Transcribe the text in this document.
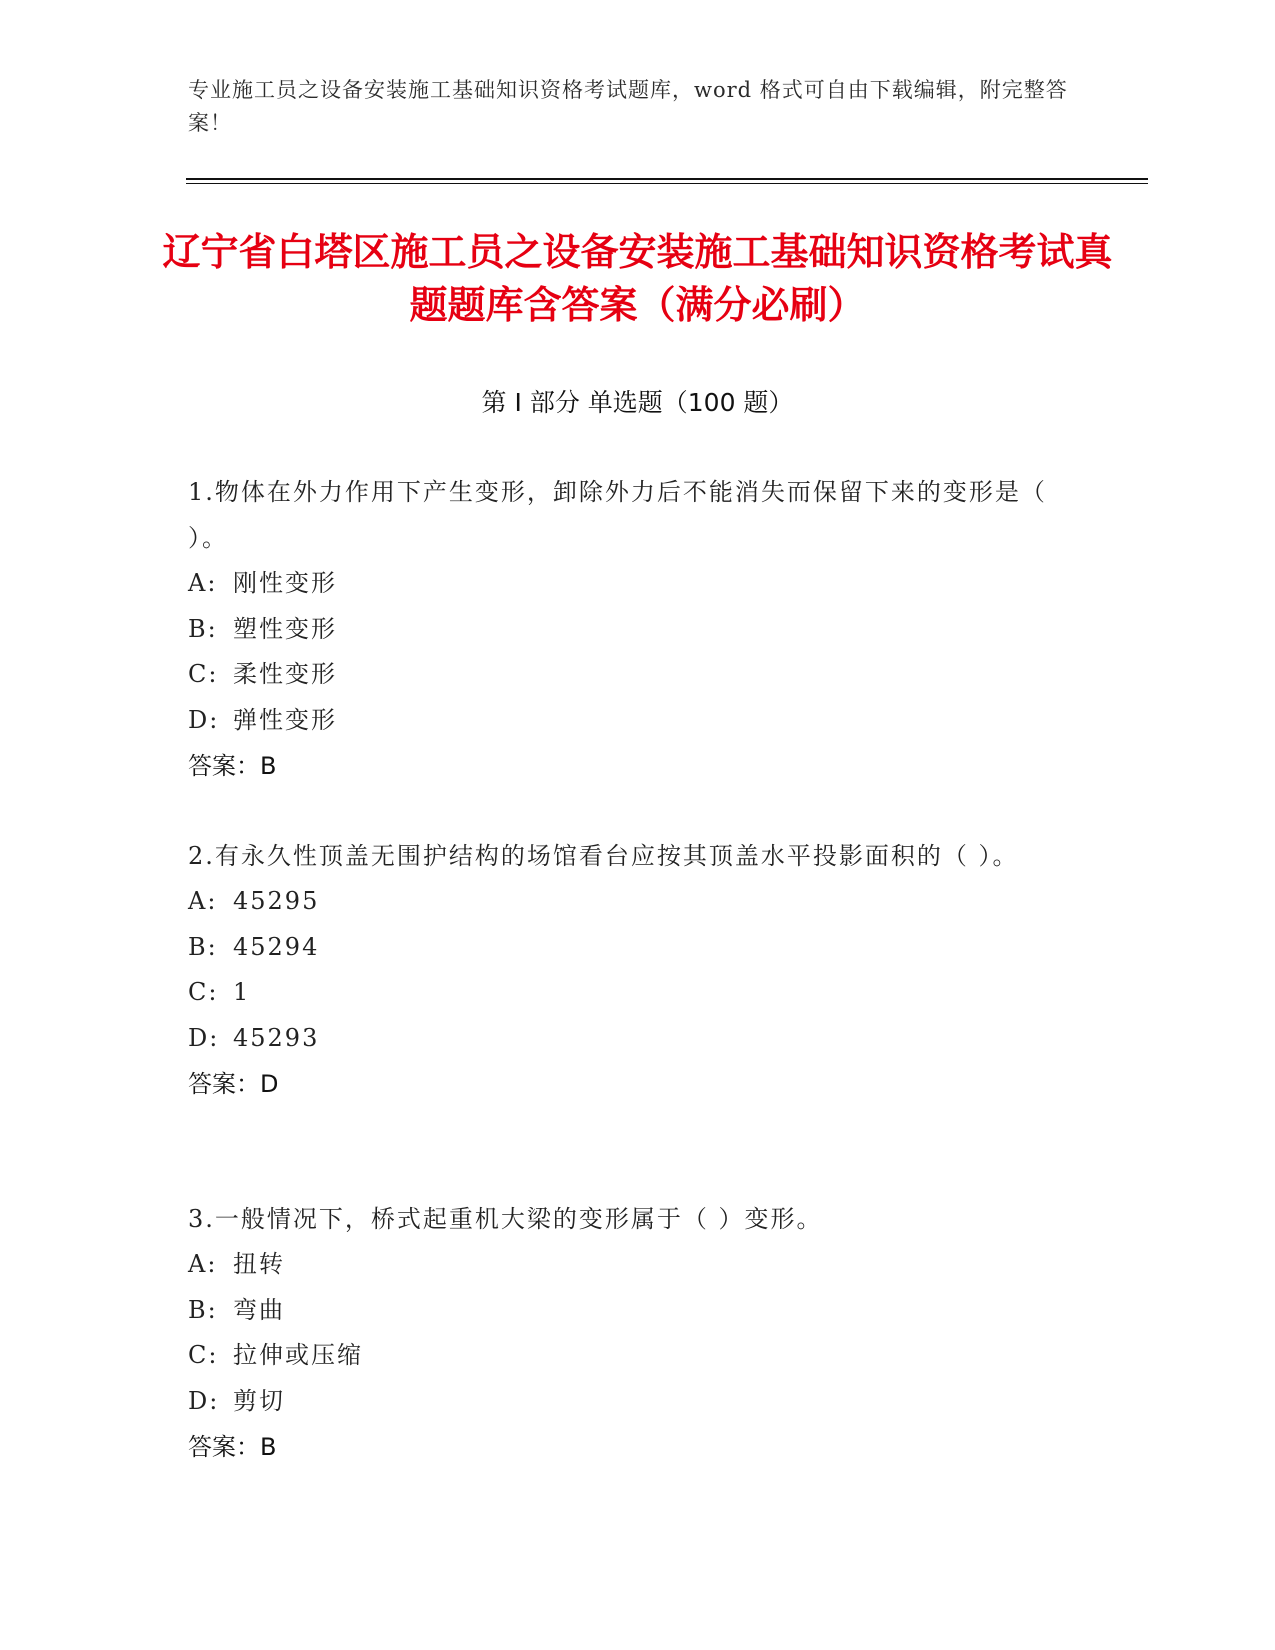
专业施工员之设备安装施工基础知识资格考试题库，word 格式可自由下载编辑，附完整答案！
辽宁省白塔区施工员之设备安装施工基础知识资格考试真题题库含答案（满分必刷）
第 I 部分 单选题（100 题）
1.物体在外力作用下产生变形，卸除外力后不能消失而保留下来的变形是（ ）。
A: 刚性变形
B: 塑性变形
C: 柔性变形
D: 弹性变形
答案：B
2.有永久性顶盖无围护结构的场馆看台应按其顶盖水平投影面积的（ ）。
A: 45295
B: 45294
C: 1
D: 45293
答案：D
3.一般情况下，桥式起重机大梁的变形属于（ ）变形。
A: 扭转
B: 弯曲
C: 拉伸或压缩
D: 剪切
答案：B
